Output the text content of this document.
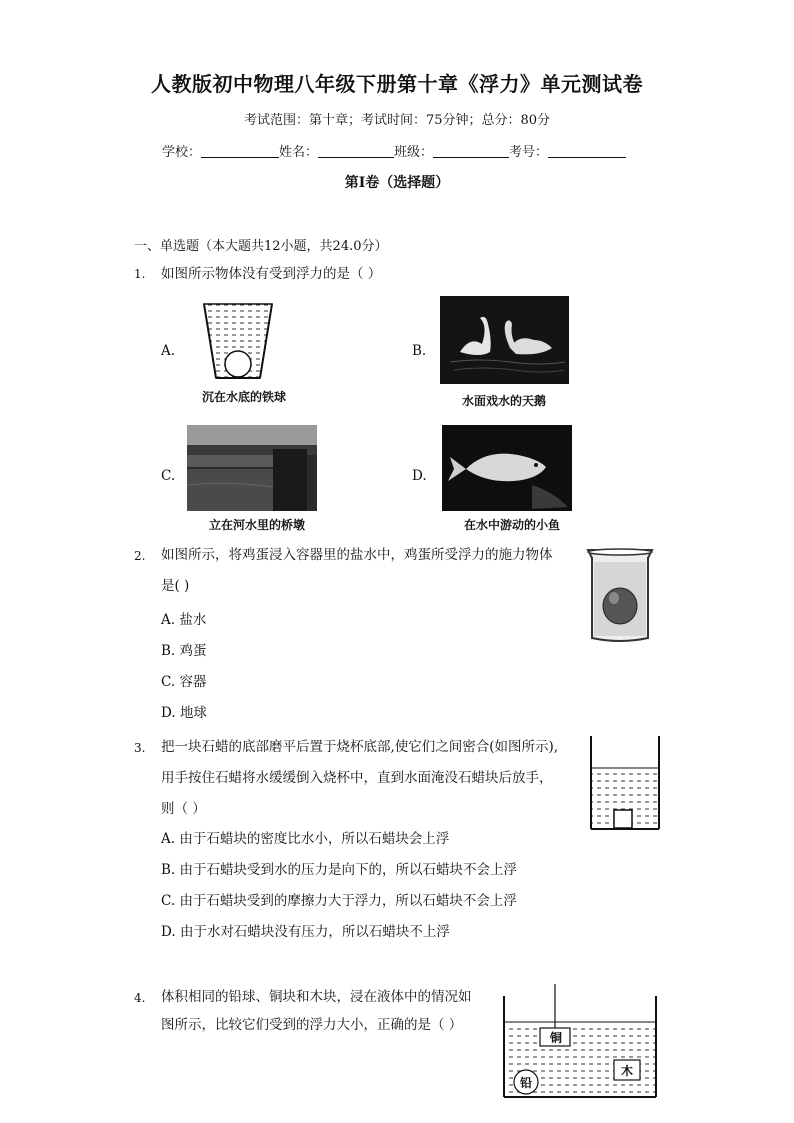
人教版初中物理八年级下册第十章《浮力》单元测试卷
考试范围：第十章；考试时间：75分钟；总分：80分
学校：	姓名：	班级：	考号：
第I卷（选择题）
一、单选题（本大题共12小题，共24.0分）
1. 如图所示物体没有受到浮力的是（ ）
A.
沉在水底的铁球
B.
水面戏水的天鹅
C.
立在河水里的桥墩
D.
在水中游动的小鱼
2. 如图所示，将鸡蛋浸入容器里的盐水中，鸡蛋所受浮力的施力物体
是( )
A. 盐水
B. 鸡蛋
C. 容器
D. 地球
3. 把一块石蜡的底部磨平后置于烧杯底部,使它们之间密合(如图所示),
用手按住石蜡将水缓缓倒入烧杯中，直到水面淹没石蜡块后放手，
则（ ）
A. 由于石蜡块的密度比水小，所以石蜡块会上浮
B. 由于石蜡块受到水的压力是向下的，所以石蜡块不会上浮
C. 由于石蜡块受到的摩擦力大于浮力，所以石蜡块不会上浮
D. 由于水对石蜡块没有压力，所以石蜡块不上浮
4. 体积相同的铅球、铜块和木块，浸在液体中的情况如
图所示，比较它们受到的浮力大小，正确的是（ ）
铜
木
铅
